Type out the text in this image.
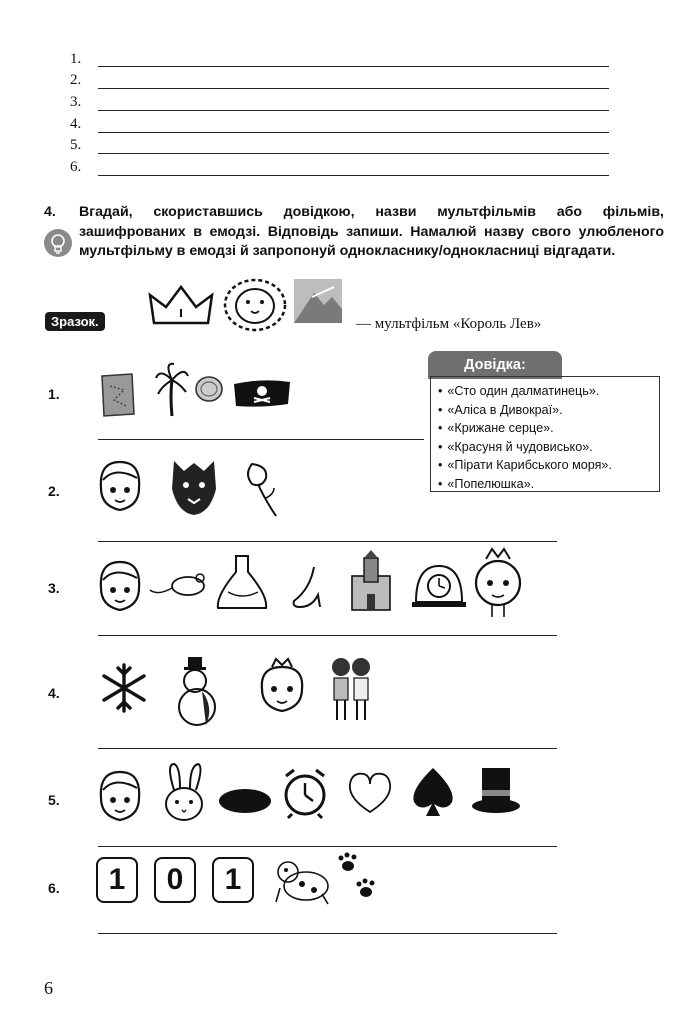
1.
2.
3.
4.
5.
6.
4. Вгадай, скориставшись довідкою, назви мультфільмів або фільмів, зашифрованих в емодзі. Відповідь запиши. Намалюй назву свого улюбленого мультфільму в емодзі й запропонуй однокласнику/однокласниці відгадати.
Зразок.	— мультфільм «Король Лев»
Довідка:
• «Сто один далматинець».
• «Аліса в Дивокраї».
• «Крижане серце».
• «Красуня й чудовисько».
• «Пірати Карибського моря».
• «Попелюшка».
1.
2.
3.
4.
5.
6.	1	0	1
6
